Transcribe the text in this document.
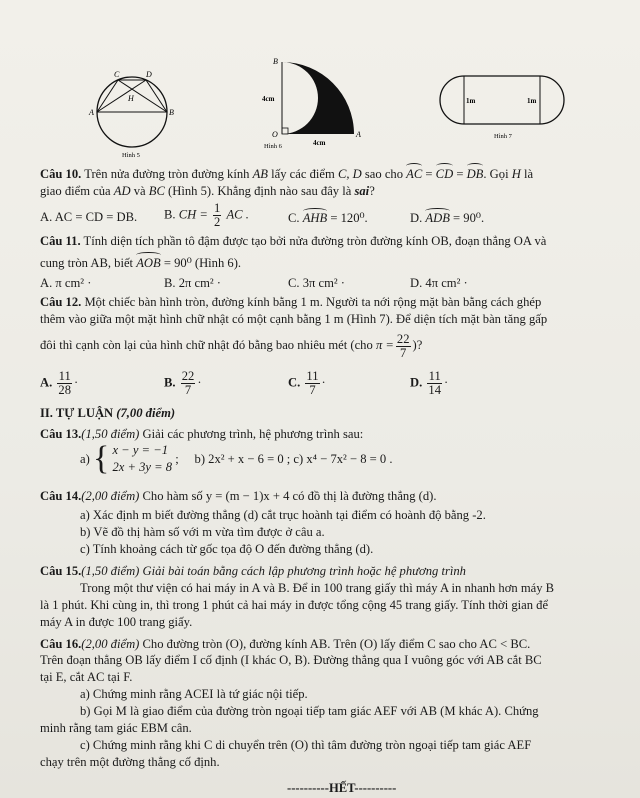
C	D
H
A	B
Hình 5
B
4cm
O
4cm
A
Hình 6
1m	1m
Hình 7
Câu 10. Trên nửa đường tròn đường kính AB lấy các điểm C, D sao cho AC = CD = DB. Gọi H là
giao điểm của AD và BC (Hình 5). Khẳng định nào sau đây là sai?
A. AC = CD = DB. B. CH = $\frac{1}{2}$ AC .	C. AHB = 120⁰.	D. ADB = 90⁰.
Câu 11. Tính diện tích phần tô đậm được tạo bởi nửa đường tròn đường kính OB, đoạn thẳng OA và
cung tròn AB, biết AOB = 90⁰ (Hình 6).
A. π cm² ·	B. 2π cm² ·	C. 3π cm² ·	D. 4π cm² ·
Câu 12. Một chiếc bàn hình tròn, đường kính bằng 1 m. Người ta nới rộng mặt bàn bằng cách ghép
thêm vào giữa một mặt hình chữ nhật có một cạnh bằng 1 m (Hình 7). Để diện tích mặt bàn tăng gấp
đôi thì cạnh còn lại của hình chữ nhật đó bằng bao nhiêu mét (cho $\pi = \frac{22}{7}$ )?
A. $\frac{11}{28}$ ·	B. $\frac{22}{7}$ ·	C. $\frac{11}{7}$ ·	D. $\frac{11}{14}$ ·
II. TỰ LUẬN (7,00 điểm)
Câu 13.(1,50 điểm) Giải các phương trình, hệ phương trình sau:
a) { x − y = −1
2x + 3y = 8
;     b) 2x² + x − 6 = 0 ; c) x⁴ − 7x² − 8 = 0 .
Câu 14.(2,00 điểm) Cho hàm số y = (m − 1)x + 4 có đồ thị là đường thẳng (d).
a) Xác định m biết đường thẳng (d) cắt trục hoành tại điểm có hoành độ bằng -2.
b) Vẽ đồ thị hàm số với m vừa tìm được ở câu a.
c) Tính khoảng cách từ gốc tọa độ O đến đường thẳng (d).
Câu 15.(1,50 điểm) Giải bài toán bằng cách lập phương trình hoặc hệ phương trình
Trong một thư viện có hai máy in A và B. Để in 100 trang giấy thì máy A in nhanh hơn máy B
là 1 phút. Khi cùng in, thì trong 1 phút cả hai máy in được tổng cộng 45 trang giấy. Tính thời gian để
máy A in được 100 trang giấy.
Câu 16.(2,00 điểm) Cho đường tròn (O), đường kính AB. Trên (O) lấy điểm C sao cho AC < BC.
Trên đoạn thẳng OB lấy điểm I cố định (I khác O, B). Đường thẳng qua I vuông góc với AB cắt BC
tại E, cắt AC tại F.
a) Chứng minh rằng ACEI là tứ giác nội tiếp.
b) Gọi M là giao điểm của đường tròn ngoại tiếp tam giác AEF với AB (M khác A). Chứng
minh rằng tam giác EBM cân.
c) Chứng minh rằng khi C di chuyển trên (O) thì tâm đường tròn ngoại tiếp tam giác AEF
chạy trên một đường thẳng cố định.
----------HẾT----------
